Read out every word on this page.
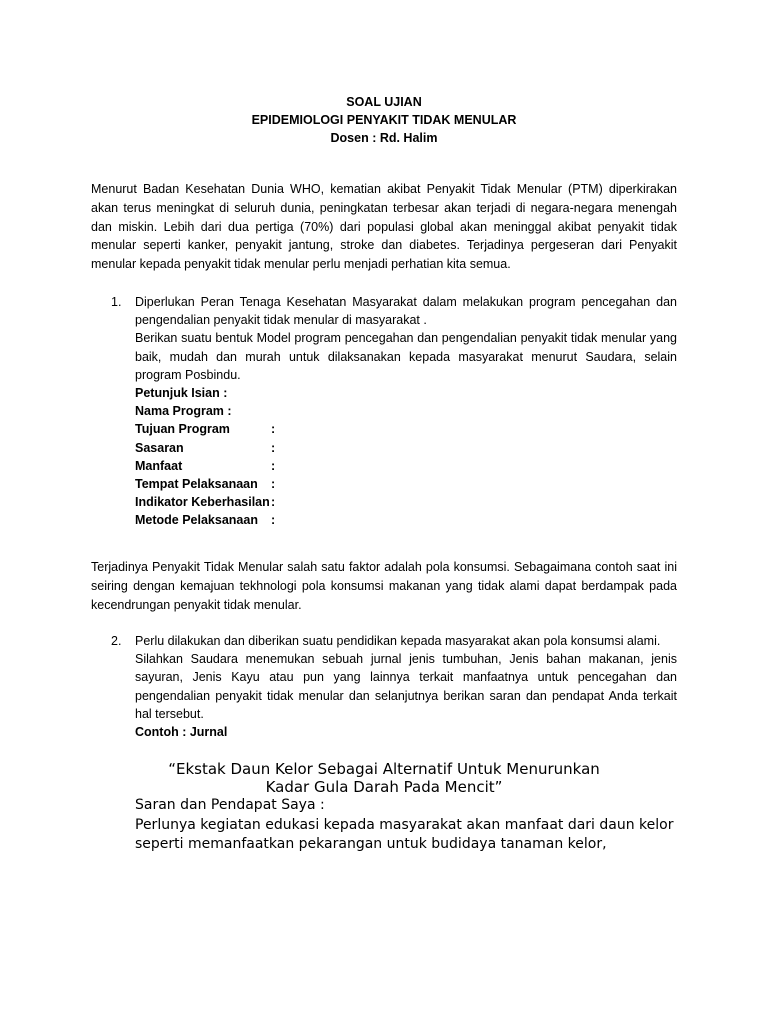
SOAL UJIAN
EPIDEMIOLOGI PENYAKIT TIDAK MENULAR
Dosen : Rd. Halim
Menurut Badan Kesehatan Dunia WHO, kematian akibat Penyakit Tidak Menular (PTM) diperkirakan akan terus meningkat di seluruh dunia, peningkatan terbesar akan terjadi di negara-negara menengah dan miskin. Lebih dari dua pertiga (70%) dari populasi global akan meninggal akibat penyakit tidak menular seperti kanker, penyakit jantung, stroke dan diabetes. Terjadinya pergeseran dari Penyakit menular kepada penyakit tidak menular perlu menjadi perhatian kita semua.
1. Diperlukan Peran Tenaga Kesehatan Masyarakat dalam melakukan program pencegahan dan pengendalian penyakit tidak menular di masyarakat .

Berikan suatu bentuk Model program pencegahan dan pengendalian penyakit tidak menular yang baik, mudah dan murah untuk dilaksanakan kepada masyarakat menurut Saudara, selain program Posbindu.

Petunjuk Isian :
Nama Program :
Tujuan Program	:
Sasaran	:
Manfaat	:
Tempat Pelaksanaan	:
Indikator Keberhasilan :
Metode Pelaksanaan	:
Terjadinya Penyakit Tidak Menular salah satu faktor adalah pola konsumsi. Sebagaimana contoh saat ini seiring dengan kemajuan tekhnologi pola konsumsi makanan yang tidak alami dapat berdampak pada kecendrungan penyakit tidak menular.
2. Perlu dilakukan dan diberikan suatu pendidikan kepada masyarakat akan pola konsumsi alami.

Silahkan Saudara menemukan sebuah jurnal jenis tumbuhan, Jenis bahan makanan, jenis sayuran, Jenis Kayu atau pun yang lainnya terkait manfaatnya untuk pencegahan dan pengendalian penyakit tidak menular dan selanjutnya berikan saran dan pendapat Anda terkait hal tersebut.

Contoh : Jurnal
“Ekstak Daun Kelor Sebagai Alternatif Untuk Menurunkan
Kadar Gula Darah Pada Mencit”

Saran dan Pendapat Saya :

Perlunya kegiatan edukasi kepada masyarakat akan manfaat dari daun kelor seperti memanfaatkan pekarangan untuk budidaya tanaman kelor,
